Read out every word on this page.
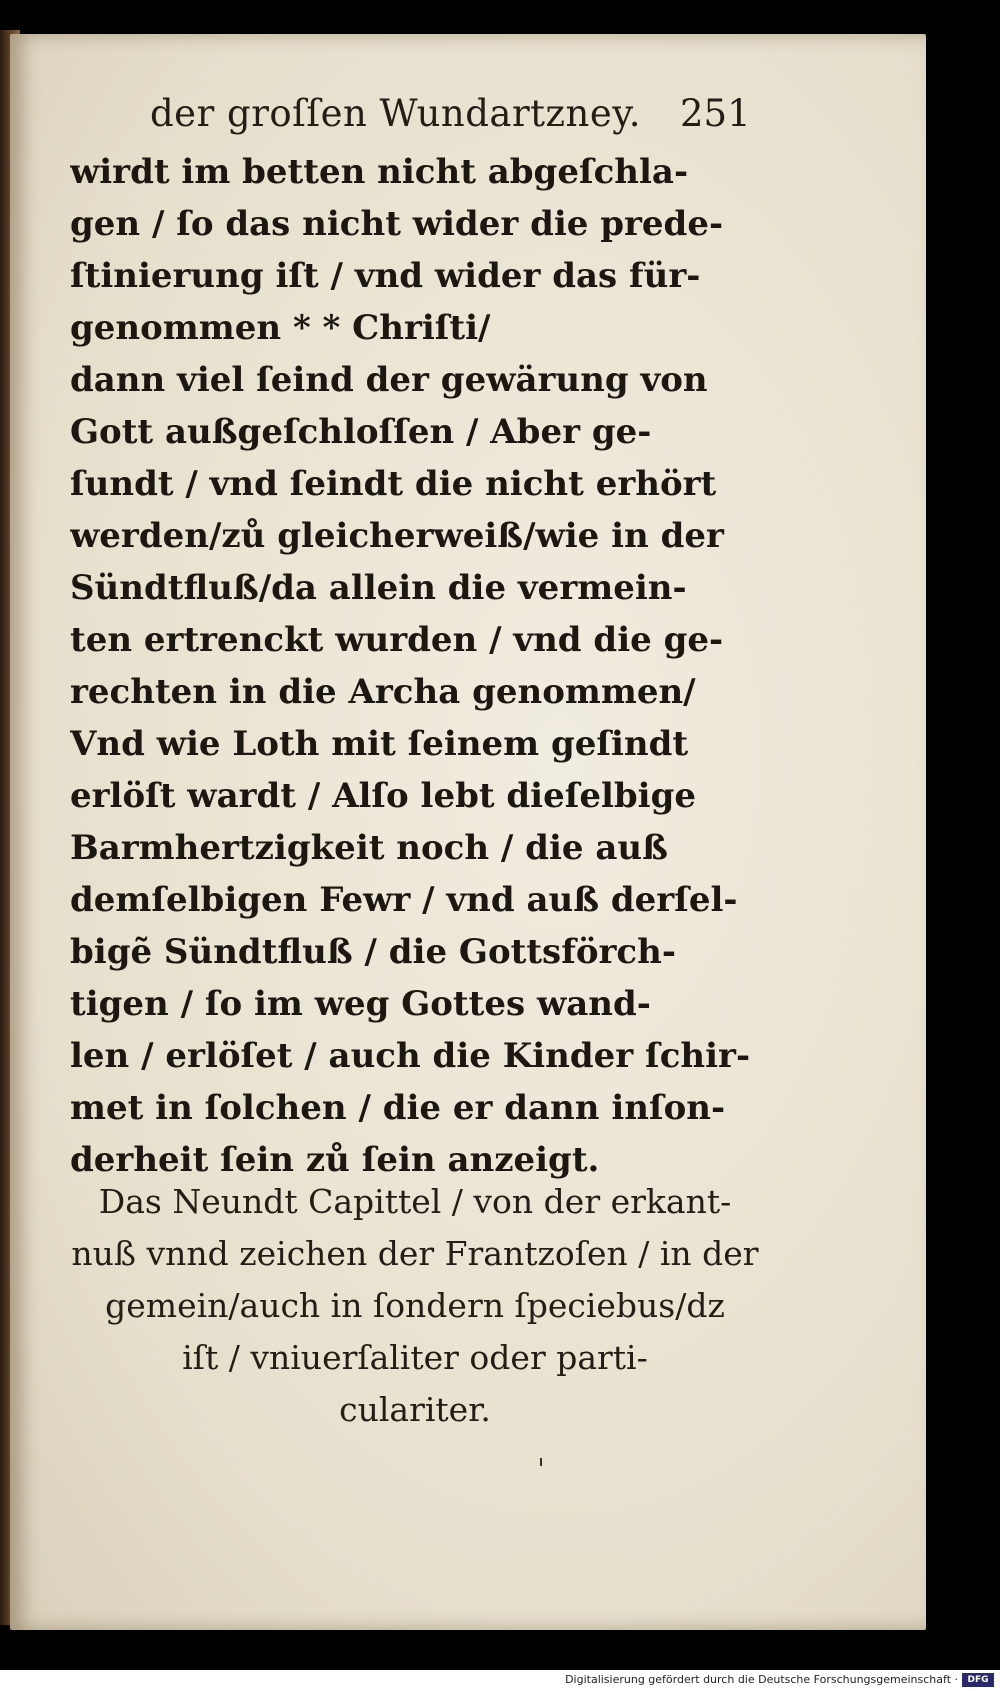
der groſſen Wundartzney. 251
wirdt im betten nicht abgeſchla-
gen / ſo das nicht wider die prede-
ſtinierung iſt / vnd wider das für-
genommen * * Chriſti/
dann viel ſeind der gewärung von
Gott außgeſchloſſen / Aber ge-
ſundt / vnd ſeindt die nicht erhört
werden/zů gleicherweiß/wie in der
Sündtfluß/da allein die vermein-
ten ertrenckt wurden / vnd die ge-
rechten in die Archa genommen/
Vnd wie Loth mit ſeinem geſindt
erlöſt wardt / Alſo lebt dieſelbige
Barmhertzigkeit noch / die auß
demſelbigen Fewr / vnd auß derſel-
bigẽ Sündtfluß / die Gottsförch-
tigen / ſo im weg Gottes wand-
len / erlöſet / auch die Kinder ſchir-
met in ſolchen / die er dann inſon-
derheit ſein zů ſein anzeigt.
Das Neundt Capittel / von der erkant-
nuß vnnd zeichen der Frantzoſen / in der
gemein/auch in ſondern ſpeciebus/dz
iſt / vniuerſaliter oder parti-
culariter.
Digitalisierung gefördert durch die Deutsche Forschungsgemeinschaft ·	DFG
